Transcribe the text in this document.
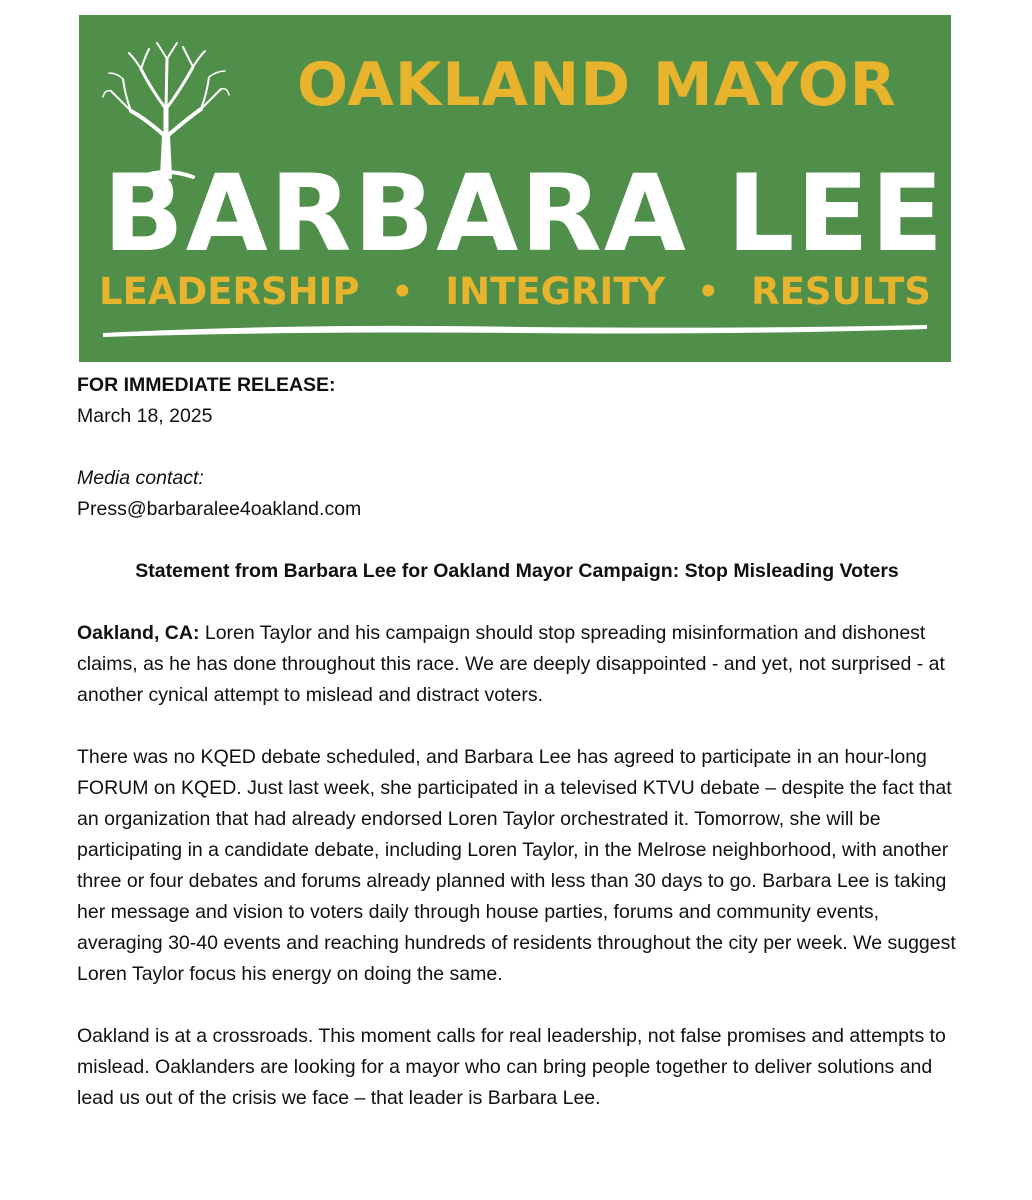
OAKLAND MAYOR
BARBARA LEE
LEADERSHIP • INTEGRITY • RESULTS

FOR IMMEDIATE RELEASE:

March 18, 2025

Media contact:

Press@barbaralee4oakland.com

Statement from Barbara Lee for Oakland Mayor Campaign: Stop Misleading Voters

Oakland, CA: Loren Taylor and his campaign should stop spreading misinformation and dishonest claims, as he has done throughout this race. We are deeply disappointed - and yet, not surprised - at another cynical attempt to mislead and distract voters.

There was no KQED debate scheduled, and Barbara Lee has agreed to participate in an hour-long FORUM on KQED. Just last week, she participated in a televised KTVU debate – despite the fact that an organization that had already endorsed Loren Taylor orchestrated it. Tomorrow, she will be participating in a candidate debate, including Loren Taylor, in the Melrose neighborhood, with another three or four debates and forums already planned with less than 30 days to go. Barbara Lee is taking her message and vision to voters daily through house parties, forums and community events, averaging 30-40 events and reaching hundreds of residents throughout the city per week. We suggest Loren Taylor focus his energy on doing the same.

Oakland is at a crossroads. This moment calls for real leadership, not false promises and attempts to mislead. Oaklanders are looking for a mayor who can bring people together to deliver solutions and lead us out of the crisis we face – that leader is Barbara Lee.
